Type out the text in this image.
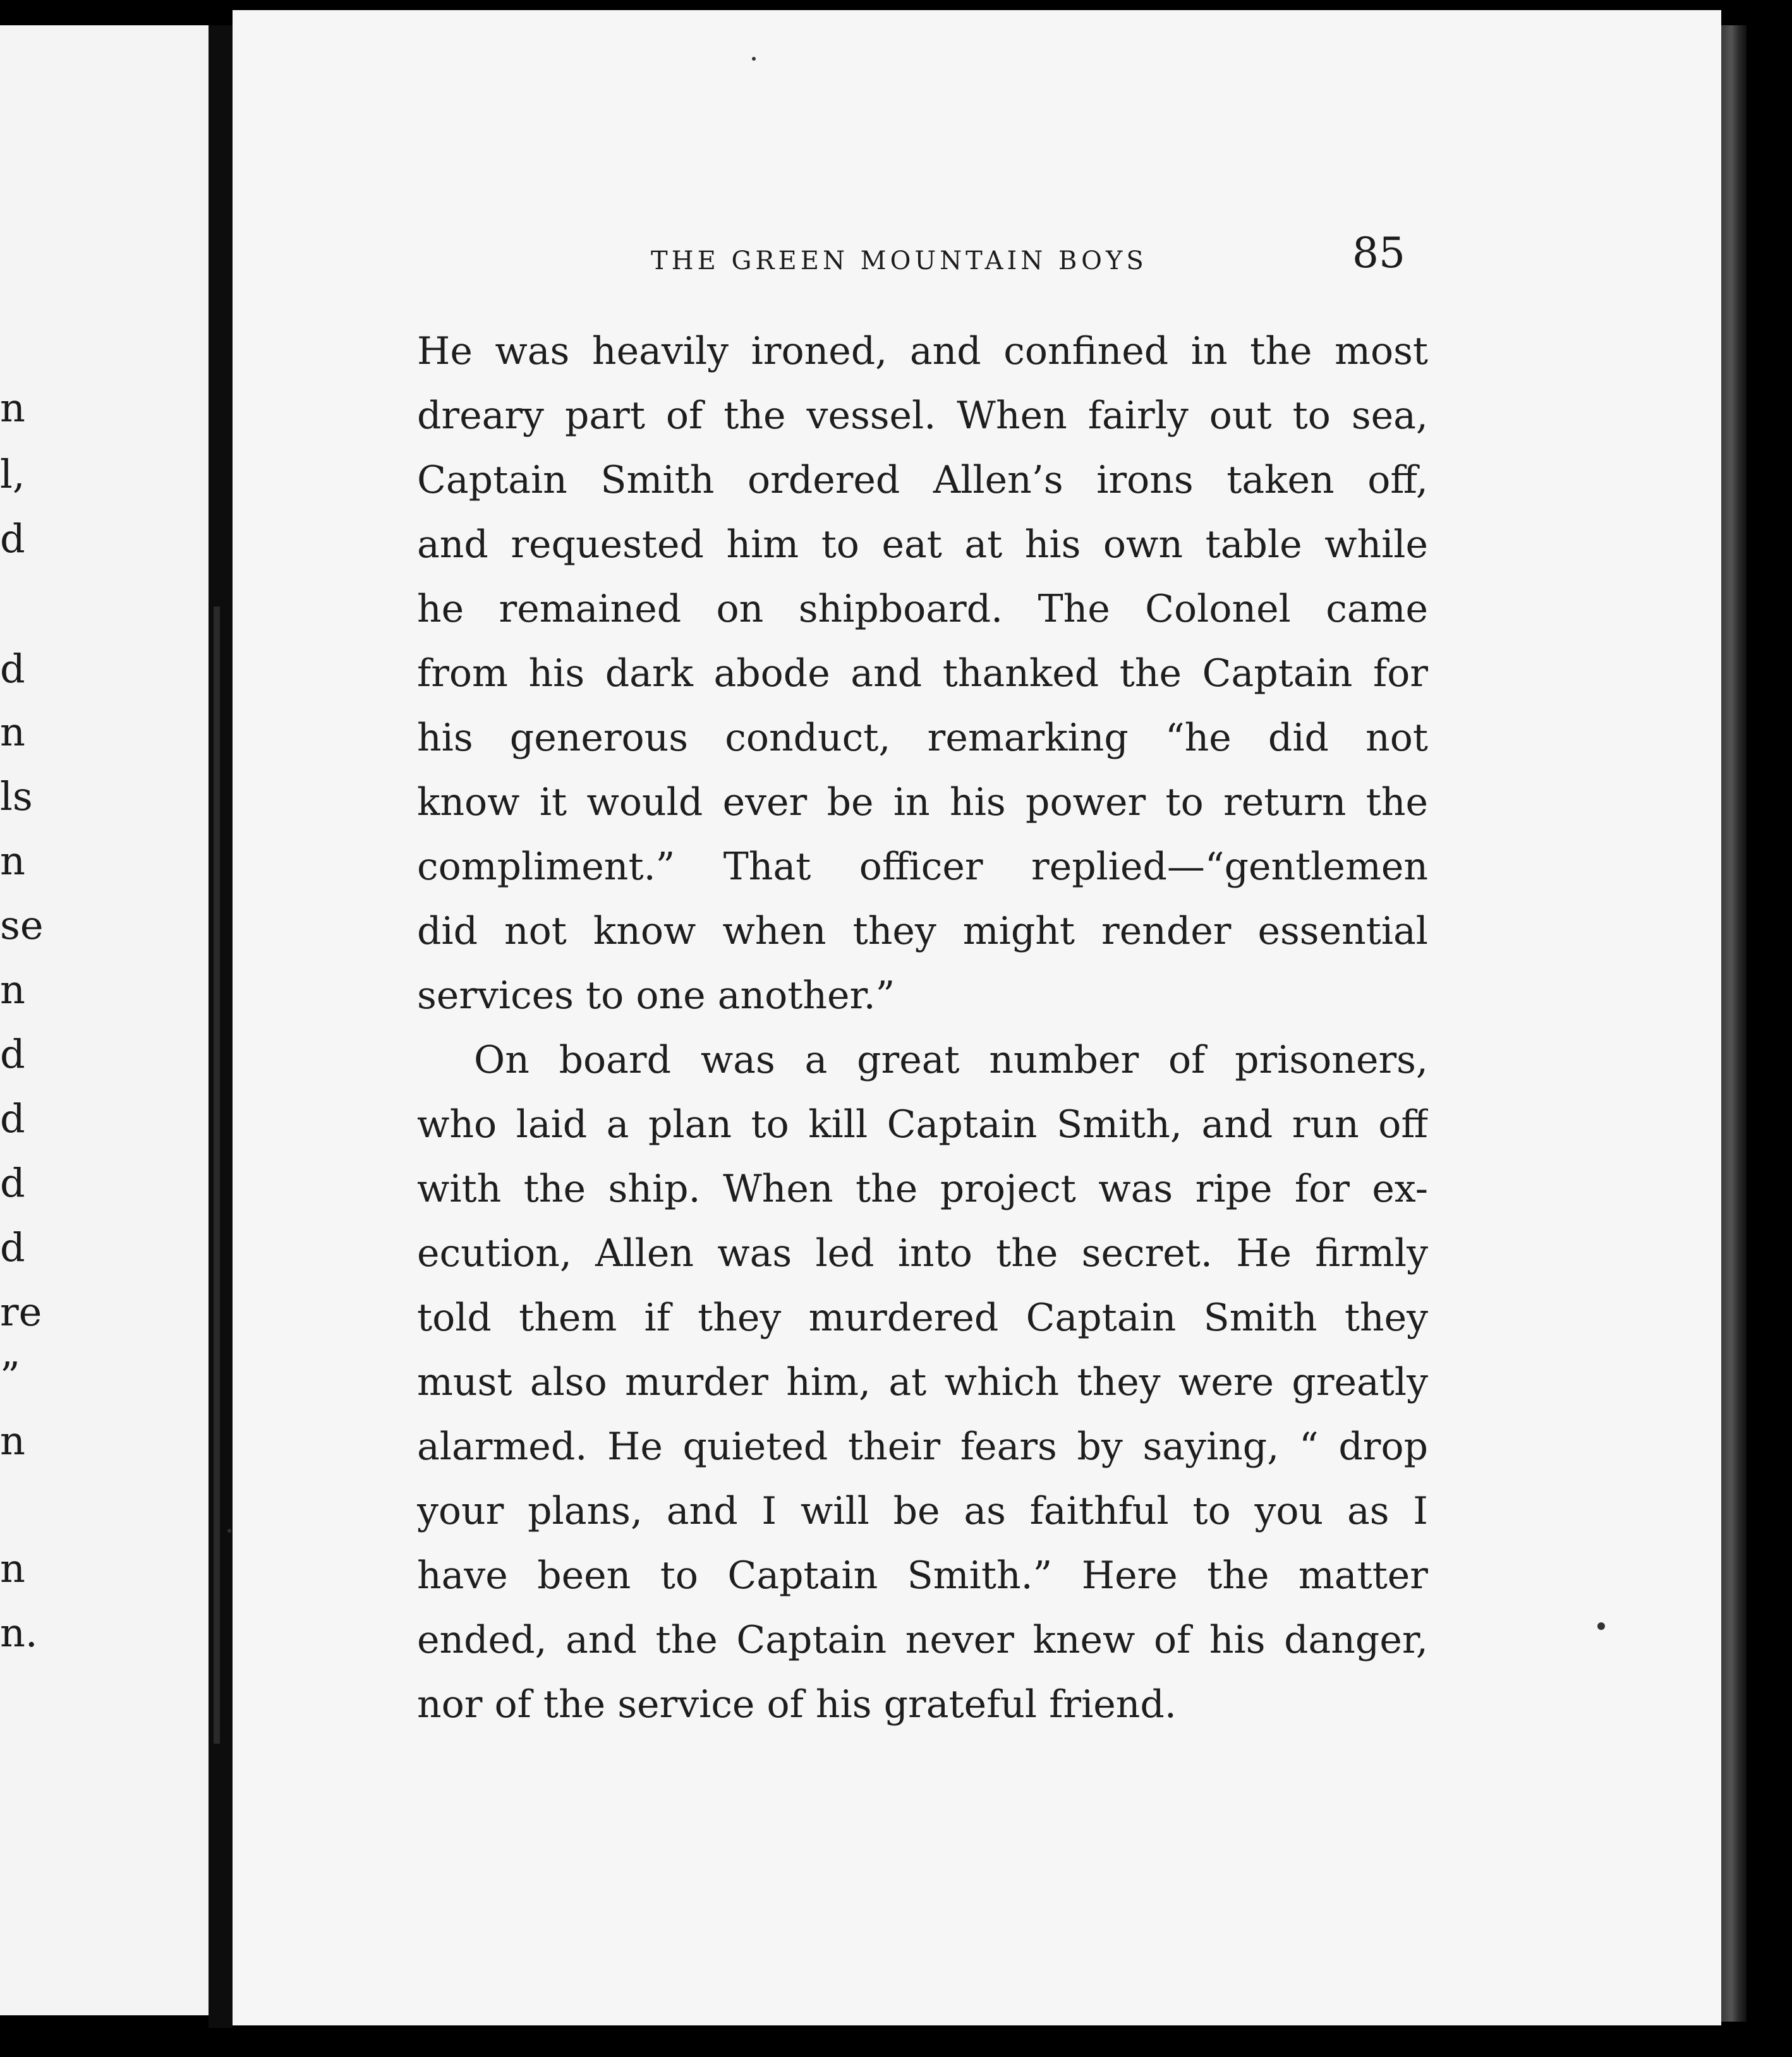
n
l,
d
d
n
ls
n
se
n
d
d
d
d
re
”
n
n
n.
THE GREEN MOUNTAIN BOYS	85
He was heavily ironed, and confined in the most
dreary part of the vessel. When fairly out to sea,
Captain Smith ordered Allen’s irons taken off,
and requested him to eat at his own table while
he remained on shipboard. The Colonel came
from his dark abode and thanked the Captain for
his generous conduct, remarking “he did not
know it would ever be in his power to return the
compliment.” That officer replied—“gentlemen
did not know when they might render essential
services to one another.”
On board was a great number of prisoners,
who laid a plan to kill Captain Smith, and run off
with the ship. When the project was ripe for ex-
ecution, Allen was led into the secret. He firmly
told them if they murdered Captain Smith they
must also murder him, at which they were greatly
alarmed. He quieted their fears by saying, “ drop
your plans, and I will be as faithful to you as I
have been to Captain Smith.” Here the matter
ended, and the Captain never knew of his danger,
nor of the service of his grateful friend.
